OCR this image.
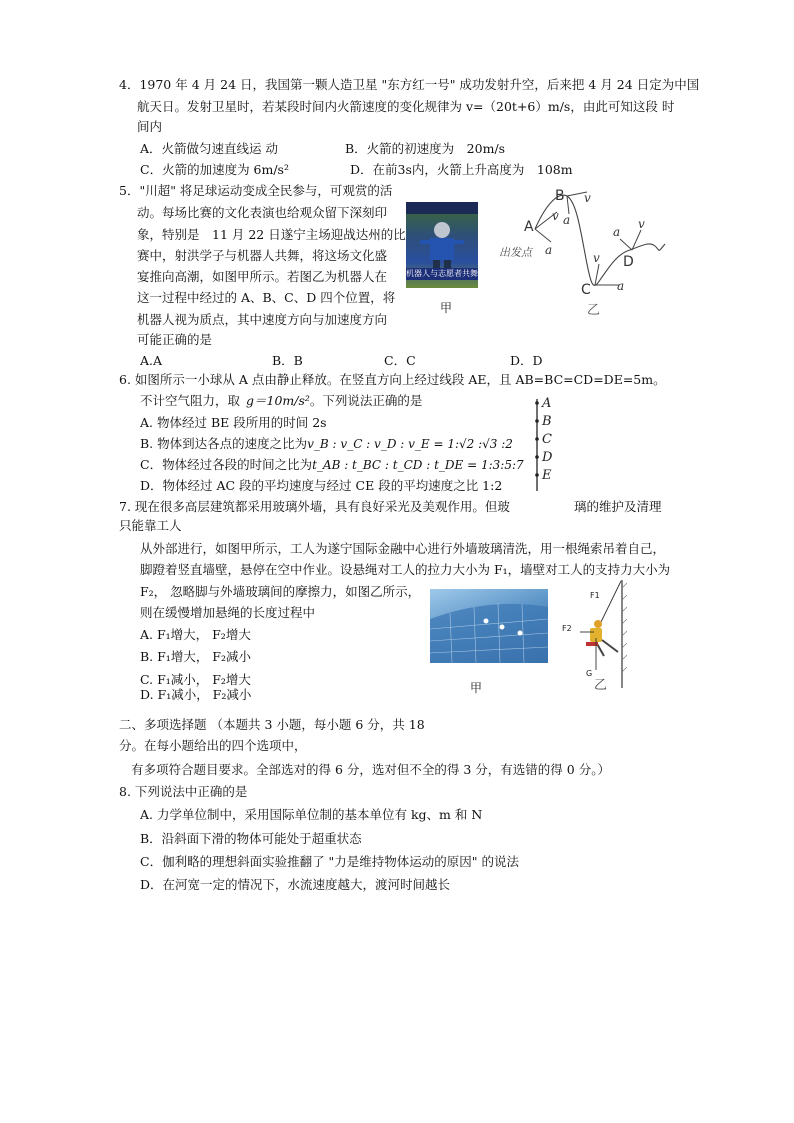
4．1970 年 4 月 24 日，我国第一颗人造卫星 "东方红一号" 成功发射升空，后来把 4 月 24 日定为中国
航天日。发射卫星时，若某段时间内火箭速度的变化规律为 v=（20t+6）m/s，由此可知这段 时
间内
A．火箭做匀速直线运 动	B．火箭的初速度为　20m/s
C．火箭的加速度为 6m/s²	D．在前3s内，火箭上升高度为　108m
5．"川超" 将足球运动变成全民参与，可观赏的活
动。每场比赛的文化表演也给观众留下深刻印
象，特别是　11 月 22 日遂宁主场迎战达州的比
赛中，射洪学子与机器人共舞，将这场文化盛
宴推向高潮，如图甲所示。若图乙为机器人在
这一过程中经过的 A、B、C、D 四个位置，将
机器人视为质点，其中速度方向与加速度方向
可能正确的是
A.A	B．B	C．C	D．D
机器人与志愿者共舞
甲
A
B
C
D
v
a
v
a
v
a
a
v
出发点
乙
6. 如图所示一小球从 A 点由静止释放。在竖直方向上经过线段 AE，且 AB=BC=CD=DE=5m。
不计空气阻力，取 g＝10m/s²。下列说法正确的是
A. 物体经过 BE 段所用的时间 2s
B. 物体到达各点的速度之比为v_B : v_C : v_D : v_E = 1:√2 :√3 :2
C．物体经过各段的时间之比为t_AB : t_BC : t_CD : t_DE = 1:3:5:7
D．物体经过 AC 段的平均速度与经过 CE 段的平均速度之比 1:2
A
B
C
D
E
7. 现在很多高层建筑都采用玻璃外墙，具有良好采光及美观作用。但玻	璃的维护及清理
只能靠工人
从外部进行，如图甲所示，工人为遂宁国际金融中心进行外墙玻璃清洗，用一根绳索吊着自己，
脚蹬着竖直墙壁，悬停在空中作业。设悬绳对工人的拉力大小为 F₁，墙壁对工人的支持力大小为
F₂， 忽略脚与外墙玻璃间的摩擦力，如图乙所示，
则在缓慢增加悬绳的长度过程中
A. F₁增大， F₂增大
B. F₁增大， F₂减小
C. F₁减小， F₂增大
D. F₁减小， F₂减小	甲
F1
F2
G
乙
二、多项选择题 （本题共 3 小题，每小题 6 分，共 18
分。在每小题给出的四个选项中，
有多项符合题目要求。全部选对的得 6 分，选对但不全的得 3 分，有选错的得 0 分。）
8. 下列说法中正确的是
A. 力学单位制中，采用国际单位制的基本单位有 kg、m 和 N
B．沿斜面下滑的物体可能处于超重状态
C．伽利略的理想斜面实验推翻了 "力是维持物体运动的原因" 的说法
D．在河宽一定的情况下，水流速度越大，渡河时间越长
